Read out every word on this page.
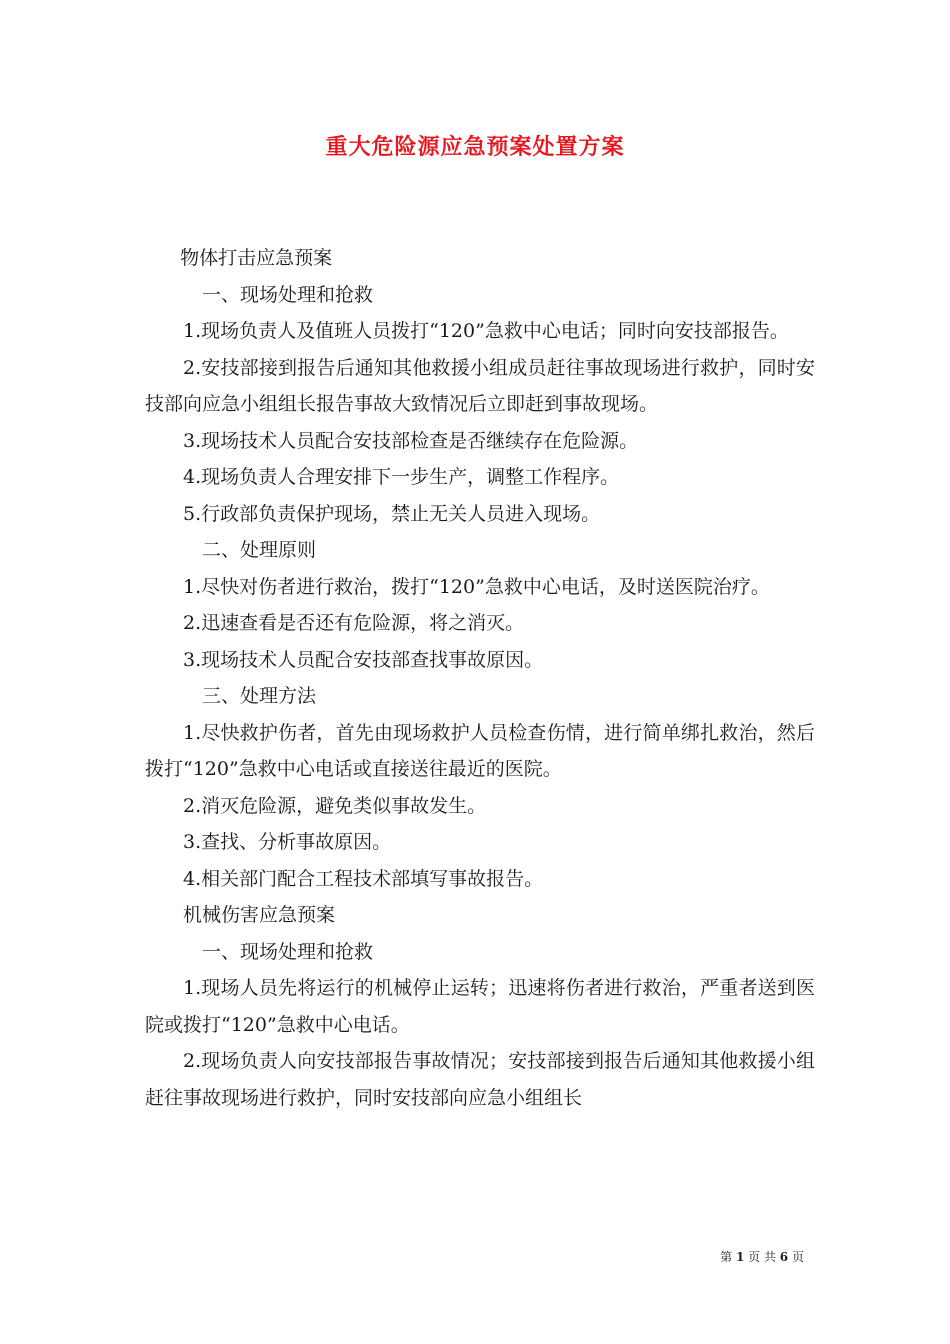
重大危险源应急预案处置方案

物体打击应急预案

一、现场处理和抢救

1.现场负责人及值班人员拨打“120”急救中心电话；同时向安技部报告。

2.安技部接到报告后通知其他救援小组成员赶往事故现场进行救护，同时安技部向应急小组组长报告事故大致情况后立即赶到事故现场。

3.现场技术人员配合安技部检查是否继续存在危险源。

4.现场负责人合理安排下一步生产，调整工作程序。

5.行政部负责保护现场，禁止无关人员进入现场。

二、处理原则

1.尽快对伤者进行救治，拨打“120”急救中心电话，及时送医院治疗。

2.迅速查看是否还有危险源，将之消灭。

3.现场技术人员配合安技部查找事故原因。

三、处理方法

1.尽快救护伤者，首先由现场救护人员检查伤情，进行简单绑扎救治，然后拨打“120”急救中心电话或直接送往最近的医院。

2.消灭危险源，避免类似事故发生。

3.查找、分析事故原因。

4.相关部门配合工程技术部填写事故报告。

机械伤害应急预案

一、现场处理和抢救

1.现场人员先将运行的机械停止运转；迅速将伤者进行救治，严重者送到医院或拨打“120”急救中心电话。

2.现场负责人向安技部报告事故情况；安技部接到报告后通知其他救援小组赶往事故现场进行救护，同时安技部向应急小组组长

第 1 页 共 6 页
